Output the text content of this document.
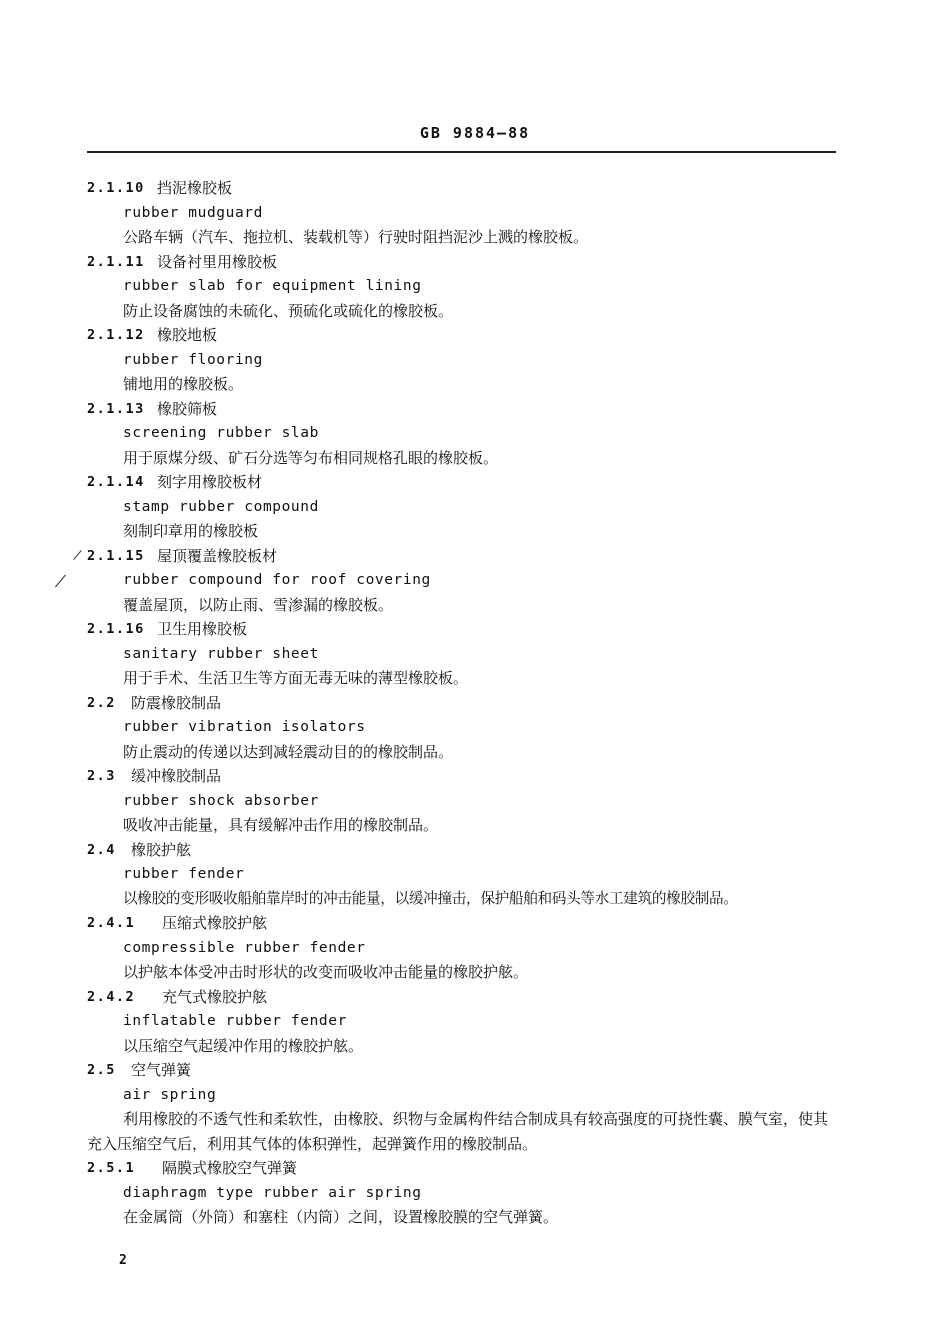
GB 9884—88
2.1.10 挡泥橡胶板
rubber mudguard
公路车辆（汽车、拖拉机、装载机等）行驶时阻挡泥沙上溅的橡胶板。
2.1.11 设备衬里用橡胶板
rubber slab for equipment lining
防止设备腐蚀的未硫化、预硫化或硫化的橡胶板。
2.1.12 橡胶地板
rubber flooring
铺地用的橡胶板。
2.1.13 橡胶筛板
screening rubber slab
用于原煤分级、矿石分选等匀布相同规格孔眼的橡胶板。
2.1.14 刻字用橡胶板材
stamp rubber compound
刻制印章用的橡胶板
2.1.15 屋顶覆盖橡胶板材
rubber compound for roof covering
覆盖屋顶，以防止雨、雪渗漏的橡胶板。
2.1.16 卫生用橡胶板
sanitary rubber sheet
用于手术、生活卫生等方面无毒无味的薄型橡胶板。
2.2 防震橡胶制品
rubber vibration isolators
防止震动的传递以达到减轻震动目的的橡胶制品。
2.3 缓冲橡胶制品
rubber shock absorber
吸收冲击能量，具有缓解冲击作用的橡胶制品。
2.4 橡胶护舷
rubber fender
以橡胶的变形吸收船舶靠岸时的冲击能量，以缓冲撞击，保护船舶和码头等水工建筑的橡胶制品。
2.4.1 压缩式橡胶护舷
compressible rubber fender
以护舷本体受冲击时形状的改变而吸收冲击能量的橡胶护舷。
2.4.2 充气式橡胶护舷
inflatable rubber fender
以压缩空气起缓冲作用的橡胶护舷。
2.5 空气弹簧
air spring
利用橡胶的不透气性和柔软性，由橡胶、织物与金属构件结合制成具有较高强度的可挠性囊、膜气室，使其充入压缩空气后，利用其气体的体积弹性，起弹簧作用的橡胶制品。
2.5.1 隔膜式橡胶空气弹簧
diaphragm type rubber air spring
在金属筒（外筒）和塞柱（内筒）之间，设置橡胶膜的空气弹簧。
2
